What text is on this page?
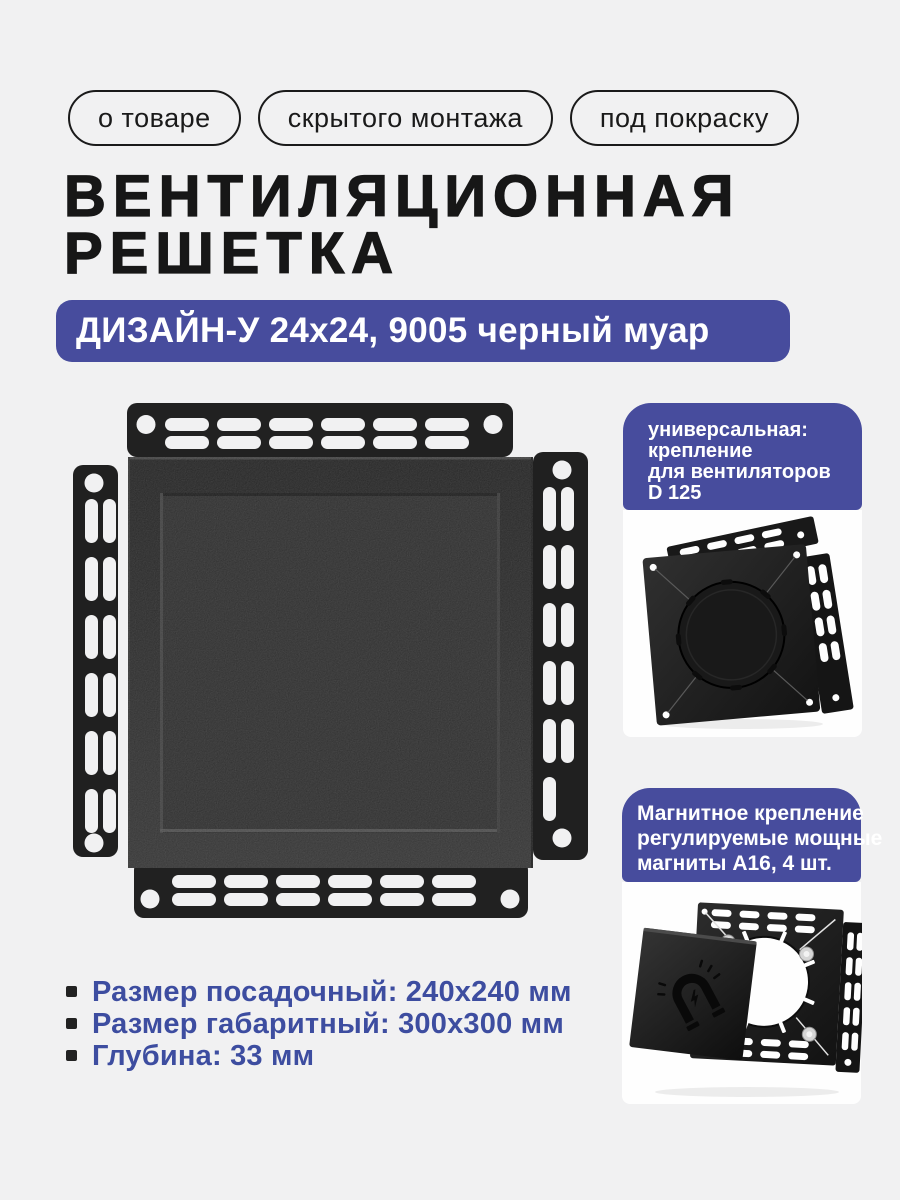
о товаре	скрытого монтажа	под покраску
ВЕНТИЛЯЦИОННАЯ
РЕШЕТКА
ДИЗАЙН-У 24х24, 9005 черный муар
универсальная:
крепление
для вентиляторов
D 125
Магнитное крепление
регулируемые мощные
магниты А16, 4 шт.
Размер посадочный: 240х240 мм
Размер габаритный: 300х300 мм
Глубина: 33 мм
